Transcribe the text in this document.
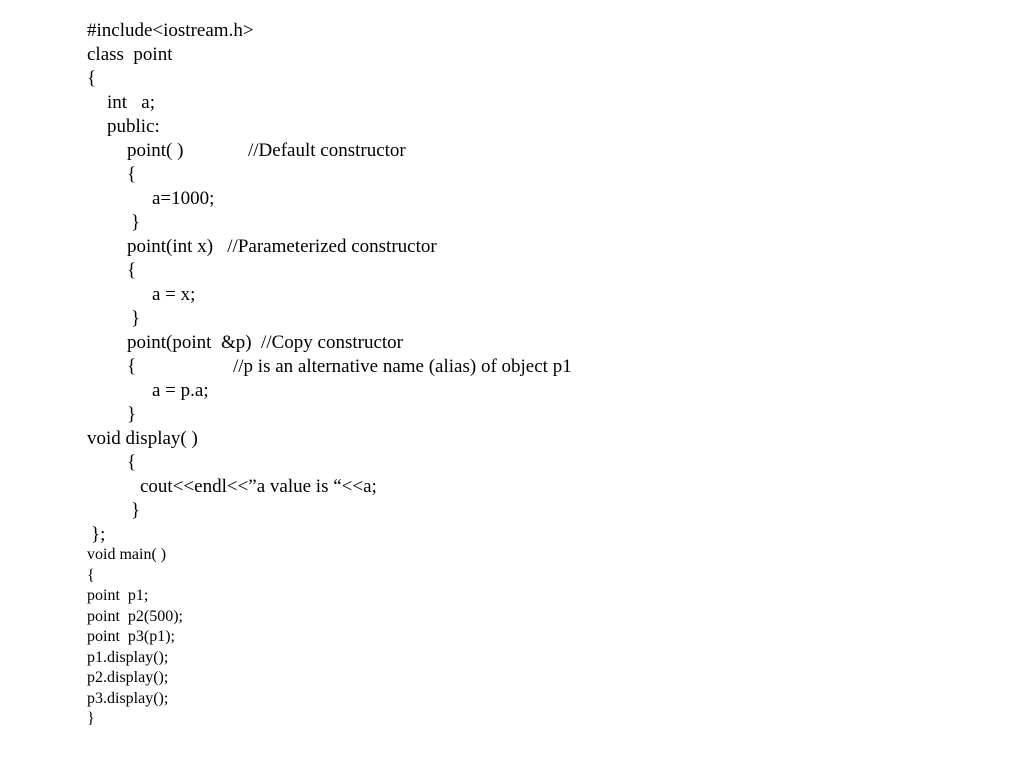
#include<iostream.h>
class  point
{
int   a;
public:
point( )	//Default constructor
{
a=1000;
}
point(int x)   //Parameterized constructor
{
a = x;
}
point(point  &p)  //Copy constructor
{	//p is an alternative name (alias) of object p1
a = p.a;
}
void display( )
{
cout<<endl<<”a value is “<<a;
}
};
void main( )
{
point  p1;
point  p2(500);
point  p3(p1);
p1.display();
p2.display();
p3.display();
}
